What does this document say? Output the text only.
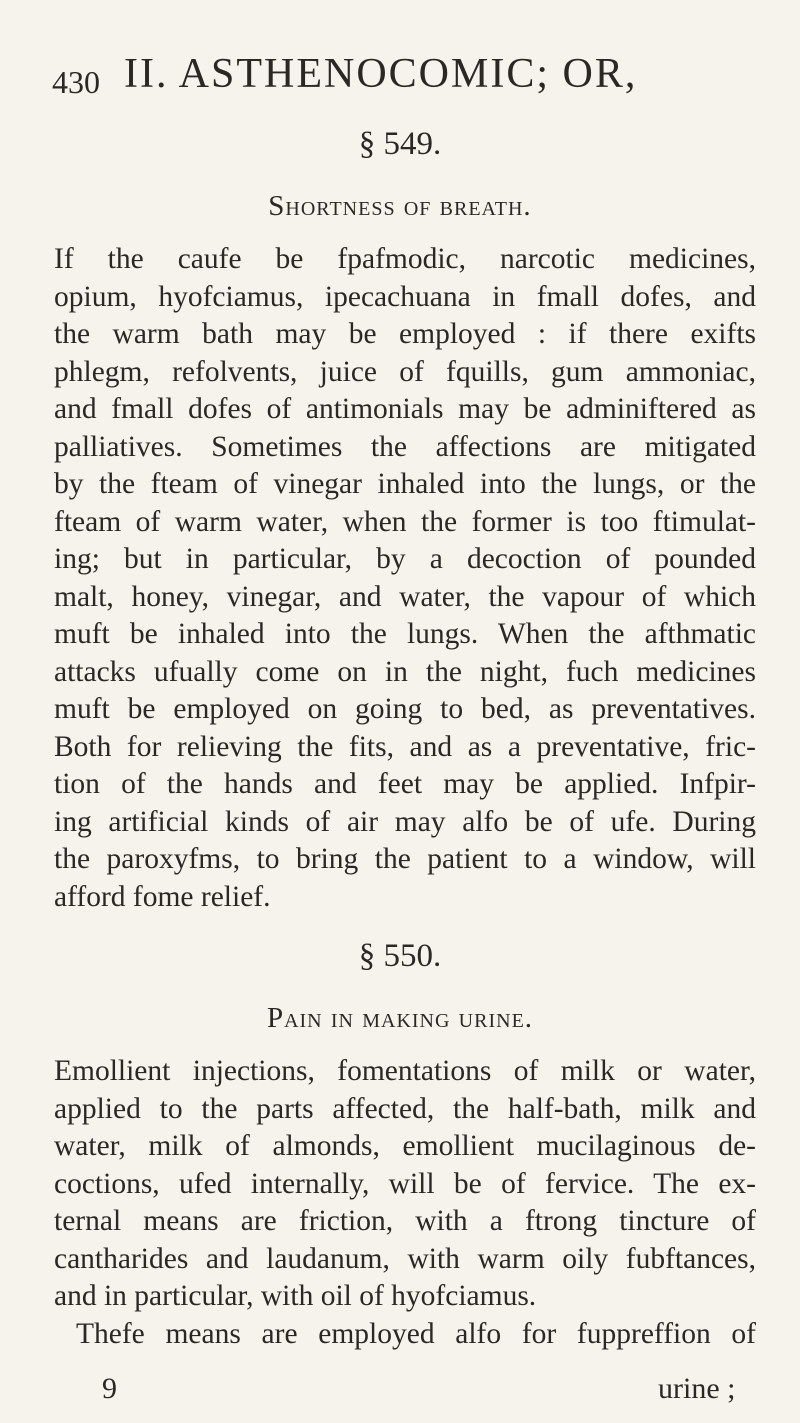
430 II. ASTHENOCOMIC; OR,
§ 549.
Shortness of breath.
If the caufe be fpafmodic, narcotic medicines,
opium, hyofciamus, ipecachuana in fmall dofes, and
the warm bath may be employed : if there exifts
phlegm, refolvents, juice of fquills, gum ammoniac,
and fmall dofes of antimonials may be adminiftered as
palliatives. Sometimes the affections are mitigated
by the fteam of vinegar inhaled into the lungs, or the
fteam of warm water, when the former is too ftimulat-
ing; but in particular, by a decoction of pounded
malt, honey, vinegar, and water, the vapour of which
muft be inhaled into the lungs. When the afthmatic
attacks ufually come on in the night, fuch medicines
muft be employed on going to bed, as preventatives.
Both for relieving the fits, and as a preventative, fric-
tion of the hands and feet may be applied. Infpir-
ing artificial kinds of air may alfo be of ufe. During
the paroxyfms, to bring the patient to a window, will
afford fome relief.
§ 550.
Pain in making urine.
Emollient injections, fomentations of milk or water,
applied to the parts affected, the half-bath, milk and
water, milk of almonds, emollient mucilaginous de-
coctions, ufed internally, will be of fervice. The ex-
ternal means are friction, with a ftrong tincture of
cantharides and laudanum, with warm oily fubftances,
and in particular, with oil of hyofciamus.
Thefe means are employed alfo for fuppreffion of
9	urine ;
